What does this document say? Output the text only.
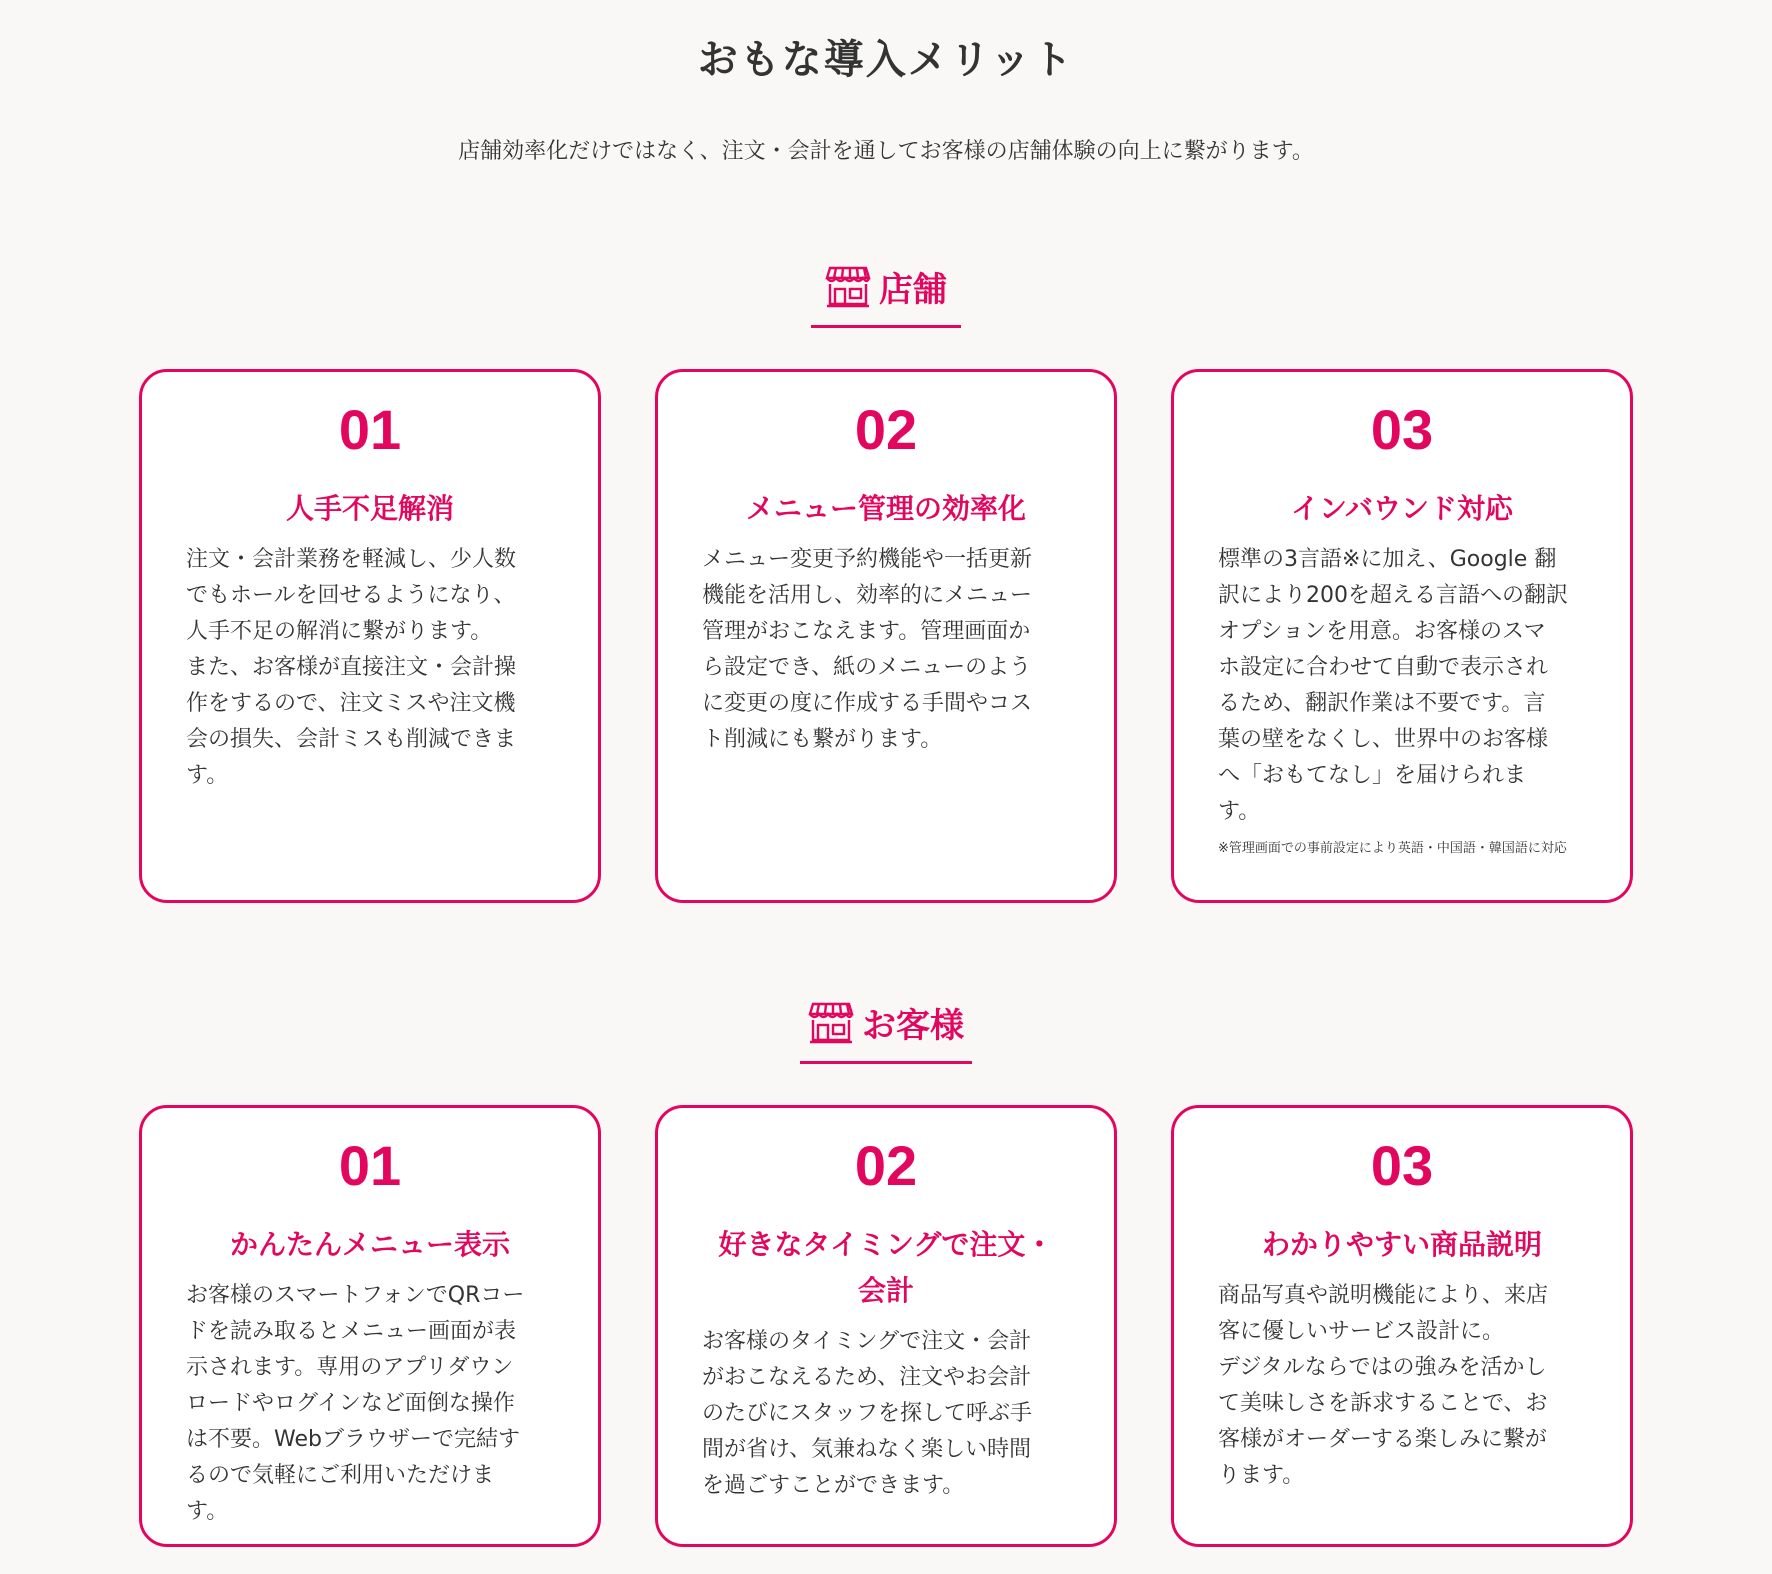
おもな導入メリット

店舗効率化だけではなく、注文・会計を通してお客様の店舗体験の向上に繋がります。

店舗
01
人手不足解消
注文・会計業務を軽減し、少人数
でもホールを回せるようになり、
人手不足の解消に繋がります。
また、お客様が直接注文・会計操
作をするので、注文ミスや注文機
会の損失、会計ミスも削減できま
す。
02
メニュー管理の効率化
メニュー変更予約機能や一括更新
機能を活用し、効率的にメニュー
管理がおこなえます。管理画面か
ら設定でき、紙のメニューのよう
に変更の度に作成する手間やコス
ト削減にも繋がります。
03
インバウンド対応
標準の3言語※に加え、Google 翻
訳により200を超える言語への翻訳
オプションを用意。お客様のスマ
ホ設定に合わせて自動で表示され
るため、翻訳作業は不要です。言
葉の壁をなくし、世界中のお客様
へ「おもてなし」を届けられま
す。
※管理画面での事前設定により英語・中国語・韓国語に対応
お客様
01
かんたんメニュー表示
お客様のスマートフォンでQRコー
ドを読み取るとメニュー画面が表
示されます。専用のアプリダウン
ロードやログインなど面倒な操作
は不要。Webブラウザーで完結す
るので気軽にご利用いただけま
す。
02
好きなタイミングで注文・会計
お客様のタイミングで注文・会計
がおこなえるため、注文やお会計
のたびにスタッフを探して呼ぶ手
間が省け、気兼ねなく楽しい時間
を過ごすことができます。
03
わかりやすい商品説明
商品写真や説明機能により、来店
客に優しいサービス設計に。
デジタルならではの強みを活かし
て美味しさを訴求することで、お
客様がオーダーする楽しみに繋が
ります。
